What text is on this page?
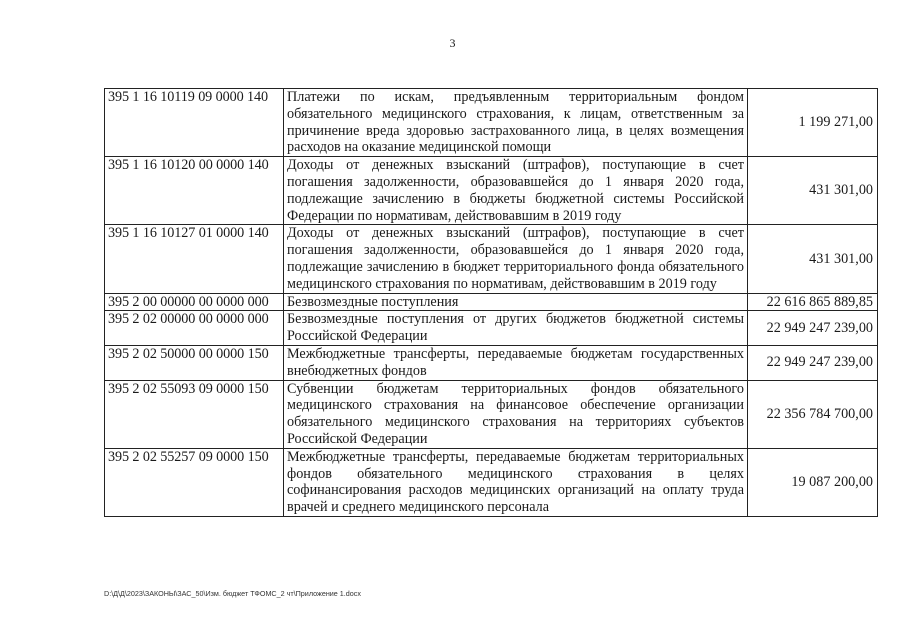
3
395 1 16 10119 09 0000 140	Платежи по искам, предъявленным территориальным фондом обязательного медицинского страхования, к лицам, ответственным за причинение вреда здоровью застрахованного лица, в целях возмещения расходов на оказание медицинской помощи	1 199 271,00
395 1 16 10120 00 0000 140	Доходы от денежных взысканий (штрафов), поступающие в счет погашения задолженности, образовавшейся до 1 января 2020 года, подлежащие зачислению в бюджеты бюджетной системы Российской Федерации по нормативам, действовавшим в 2019 году	431 301,00
395 1 16 10127 01 0000 140	Доходы от денежных взысканий (штрафов), поступающие в счет погашения задолженности, образовавшейся до 1 января 2020 года, подлежащие зачислению в бюджет территориального фонда обязательного медицинского страхования по нормативам, действовавшим в 2019 году	431 301,00
395 2 00 00000 00 0000 000	Безвозмездные поступления	22 616 865 889,85
395 2 02 00000 00 0000 000	Безвозмездные поступления от других бюджетов бюджетной системы Российской Федерации	22 949 247 239,00
395 2 02 50000 00 0000 150	Межбюджетные трансферты, передаваемые бюджетам государственных внебюджетных фондов	22 949 247 239,00
395 2 02 55093 09 0000 150	Субвенции бюджетам территориальных фондов обязательного медицинского страхования на финансовое обеспечение организации обязательного медицинского страхования на территориях субъектов Российской Федерации	22 356 784 700,00
395 2 02 55257 09 0000 150	Межбюджетные трансферты, передаваемые бюджетам территориальных фондов обязательного медицинского страхования в целях софинансирования расходов медицинских организаций на оплату труда врачей и среднего медицинского персонала	19 087 200,00
D:\Д\Д\2023\ЗАКОНЫ\ЗАС_50\Изм. бюджет ТФОМС_2 чт\Приложение 1.docx
